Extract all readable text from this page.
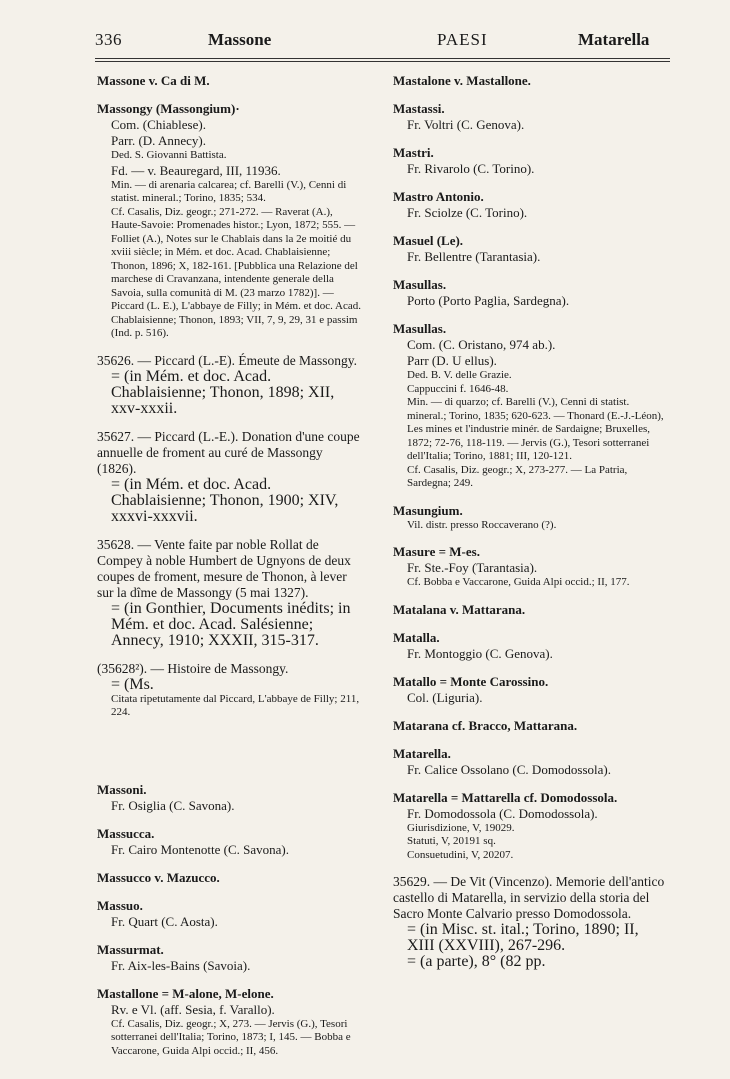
336	Massone	PAESI	Matarella

Massone v. Ca di M.

Massongy (Massongium)·

Com. (Chiablese).

Parr. (D. Annecy).

Ded. S. Giovanni Battista.

Fd. — v. Beauregard, III, 11936.

Min. — di arenaria calcarea; cf. Barelli (V.), Cenni di statist. mineral.; Torino, 1835; 534.

Cf. Casalis, Diz. geogr.; 271-272. — Raverat (A.), Haute-Savoie: Promenades histor.; Lyon, 1872; 555. — Folliet (A.), Notes sur le Chablais dans la 2e moitié du xviii siècle; in Mém. et doc. Acad. Chablaisienne; Thonon, 1896; X, 182-161. [Pubblica una Relazione del marchese di Cravanzana, intendente generale della Savoia, sulla comunità di M. (23 marzo 1782)]. — Piccard (L. E.), L'abbaye de Filly; in Mém. et doc. Acad. Chablaisienne; Thonon, 1893; VII, 7, 9, 29, 31 e passim (Ind. p. 516).

35626. — Piccard (L.-E). Émeute de Massongy.

= (in Mém. et doc. Acad. Chablaisienne; Thonon, 1898; XII, xxv-xxxii.

35627. — Piccard (L.-E.). Donation d'une coupe annuelle de froment au curé de Massongy (1826).

= (in Mém. et doc. Acad. Chablaisienne; Thonon, 1900; XIV, xxxvi-xxxvii.

35628. — Vente faite par noble Rollat de Compey à noble Humbert de Ugnyons de deux coupes de froment, mesure de Thonon, à lever sur la dîme de Massongy (5 mai 1327).

= (in Gonthier, Documents inédits; in Mém. et doc. Acad. Salésienne; Annecy, 1910; XXXII, 315-317.

(35628²). — Histoire de Massongy.

= (Ms.

Citata ripetutamente dal Piccard, L'abbaye de Filly; 211, 224.

Massoni.

Fr. Osiglia (C. Savona).

Massucca.

Fr. Cairo Montenotte (C. Savona).

Massucco v. Mazucco.

Massuo.

Fr. Quart (C. Aosta).

Massurmat.

Fr. Aix-les-Bains (Savoia).

Mastallone = M-alone, M-elone.

Rv. e Vl. (aff. Sesia, f. Varallo).

Cf. Casalis, Diz. geogr.; X, 273. — Jervis (G.), Tesori sotterranei dell'Italia; Torino, 1873; I, 145. — Bobba e Vaccarone, Guida Alpi occid.; II, 456.

Mastalone v. Mastallone.

Mastassi.

Fr. Voltri (C. Genova).

Mastri.

Fr. Rivarolo (C. Torino).

Mastro Antonio.

Fr. Sciolze (C. Torino).

Masuel (Le).

Fr. Bellentre (Tarantasia).

Masullas.

Porto (Porto Paglia, Sardegna).

Masullas.

Com. (C. Oristano, 974 ab.).

Parr (D. U ellus).

Ded. B. V. delle Grazie.

Cappuccini f. 1646-48.

Min. — di quarzo; cf. Barelli (V.), Cenni di statist. mineral.; Torino, 1835; 620-623. — Thonard (E.-J.-Léon), Les mines et l'industrie minér. de Sardaigne; Bruxelles, 1872; 72-76, 118-119. — Jervis (G.), Tesori sotterranei dell'Italia; Torino, 1881; III, 120-121.

Cf. Casalis, Diz. geogr.; X, 273-277. — La Patria, Sardegna; 249.

Masungium.

Vil. distr. presso Roccaverano (?).

Masure = M-es.

Fr. Ste.-Foy (Tarantasia).

Cf. Bobba e Vaccarone, Guida Alpi occid.; II, 177.

Matalana v. Mattarana.

Matalla.

Fr. Montoggio (C. Genova).

Matallo = Monte Carossino.

Col. (Liguria).

Matarana cf. Bracco, Mattarana.

Matarella.

Fr. Calice Ossolano (C. Domodossola).

Matarella = Mattarella cf. Domodossola.

Fr. Domodossola (C. Domodossola).

Giurisdizione, V, 19029.

Statuti, V, 20191 sq.

Consuetudini, V, 20207.

35629. — De Vit (Vincenzo). Memorie dell'antico castello di Matarella, in servizio della storia del Sacro Monte Calvario presso Domodossola.

= (in Misc. st. ital.; Torino, 1890; II, XIII (XXVIII), 267-296.

= (a parte), 8° (82 pp.
